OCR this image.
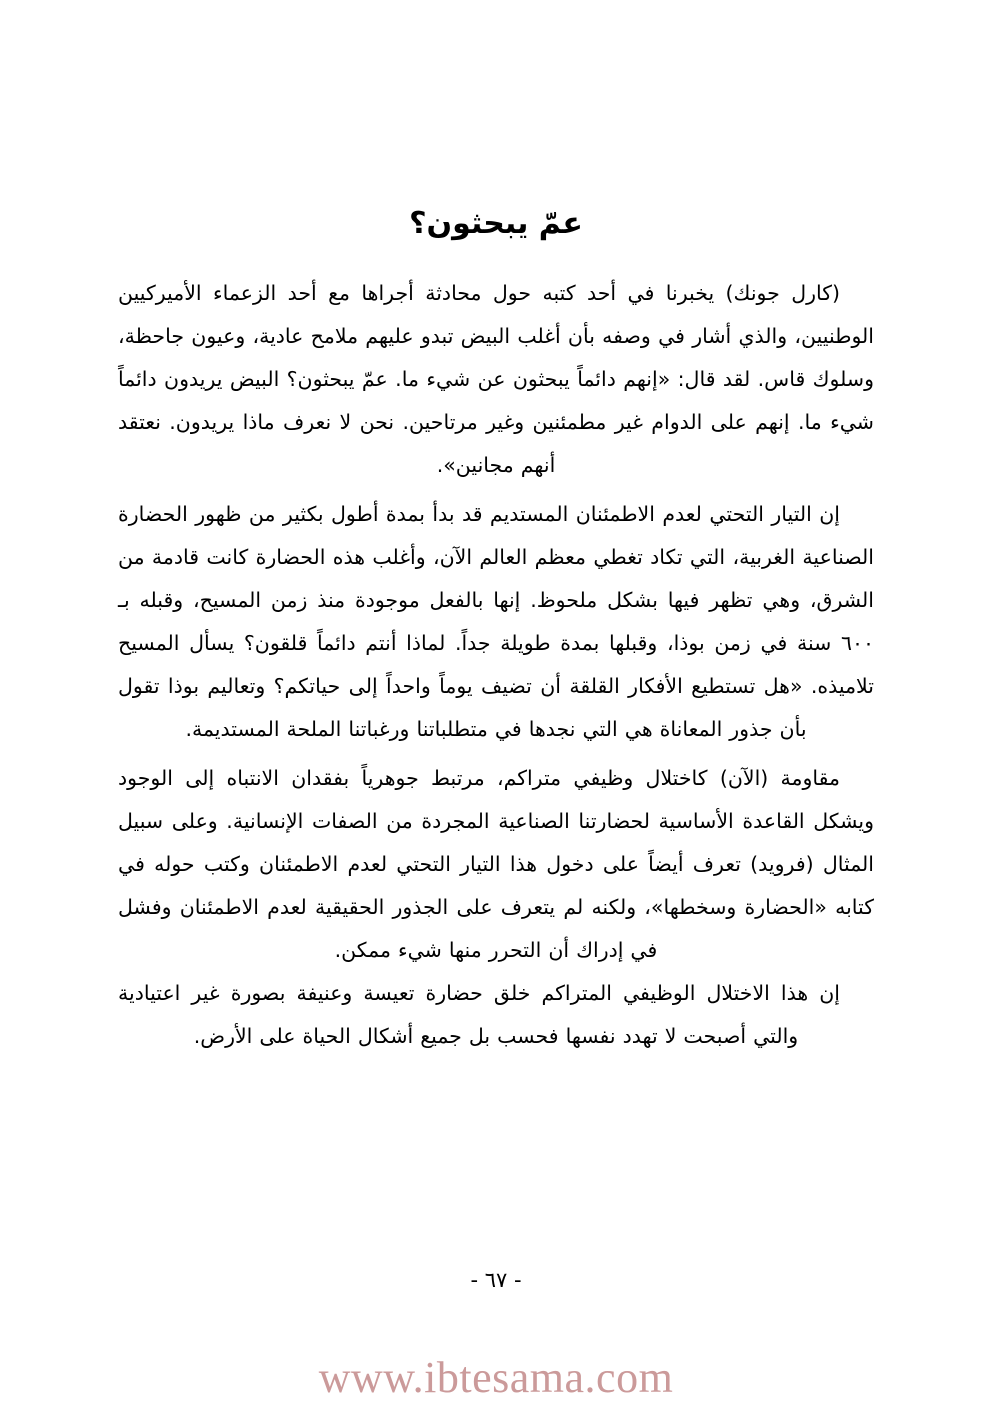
عمّ يبحثون؟

(كارل جونك) يخبرنا في أحد كتبه حول محادثة أجراها مع أحد الزعماء الأميركيين الوطنيين، والذي أشار في وصفه بأن أغلب البيض تبدو عليهم ملامح عادية، وعيون جاحظة، وسلوك قاس. لقد قال: «إنهم دائماً يبحثون عن شيء ما. عمّ يبحثون؟ البيض يريدون دائماً شيء ما. إنهم على الدوام غير مطمئنين وغير مرتاحين. نحن لا نعرف ماذا يريدون. نعتقد أنهم مجانين».

إن التيار التحتي لعدم الاطمئنان المستديم قد بدأ بمدة أطول بكثير من ظهور الحضارة الصناعية الغربية، التي تكاد تغطي معظم العالم الآن، وأغلب هذه الحضارة كانت قادمة من الشرق، وهي تظهر فيها بشكل ملحوظ. إنها بالفعل موجودة منذ زمن المسيح، وقبله بـ ٦٠٠ سنة في زمن بوذا، وقبلها بمدة طويلة جداً. لماذا أنتم دائماً قلقون؟ يسأل المسيح تلاميذه. «هل تستطيع الأفكار القلقة أن تضيف يوماً واحداً إلى حياتكم؟ وتعاليم بوذا تقول بأن جذور المعاناة هي التي نجدها في متطلباتنا ورغباتنا الملحة المستديمة.

مقاومة (الآن) كاختلال وظيفي متراكم، مرتبط جوهرياً بفقدان الانتباه إلى الوجود ويشكل القاعدة الأساسية لحضارتنا الصناعية المجردة من الصفات الإنسانية. وعلى سبيل المثال (فرويد) تعرف أيضاً على دخول هذا التيار التحتي لعدم الاطمئنان وكتب حوله في كتابه «الحضارة وسخطها»، ولكنه لم يتعرف على الجذور الحقيقية لعدم الاطمئنان وفشل في إدراك أن التحرر منها شيء ممكن.

إن هذا الاختلال الوظيفي المتراكم خلق حضارة تعيسة وعنيفة بصورة غير اعتيادية والتي أصبحت لا تهدد نفسها فحسب بل جميع أشكال الحياة على الأرض.

- ٦٧ -
www.ibtesama.com
